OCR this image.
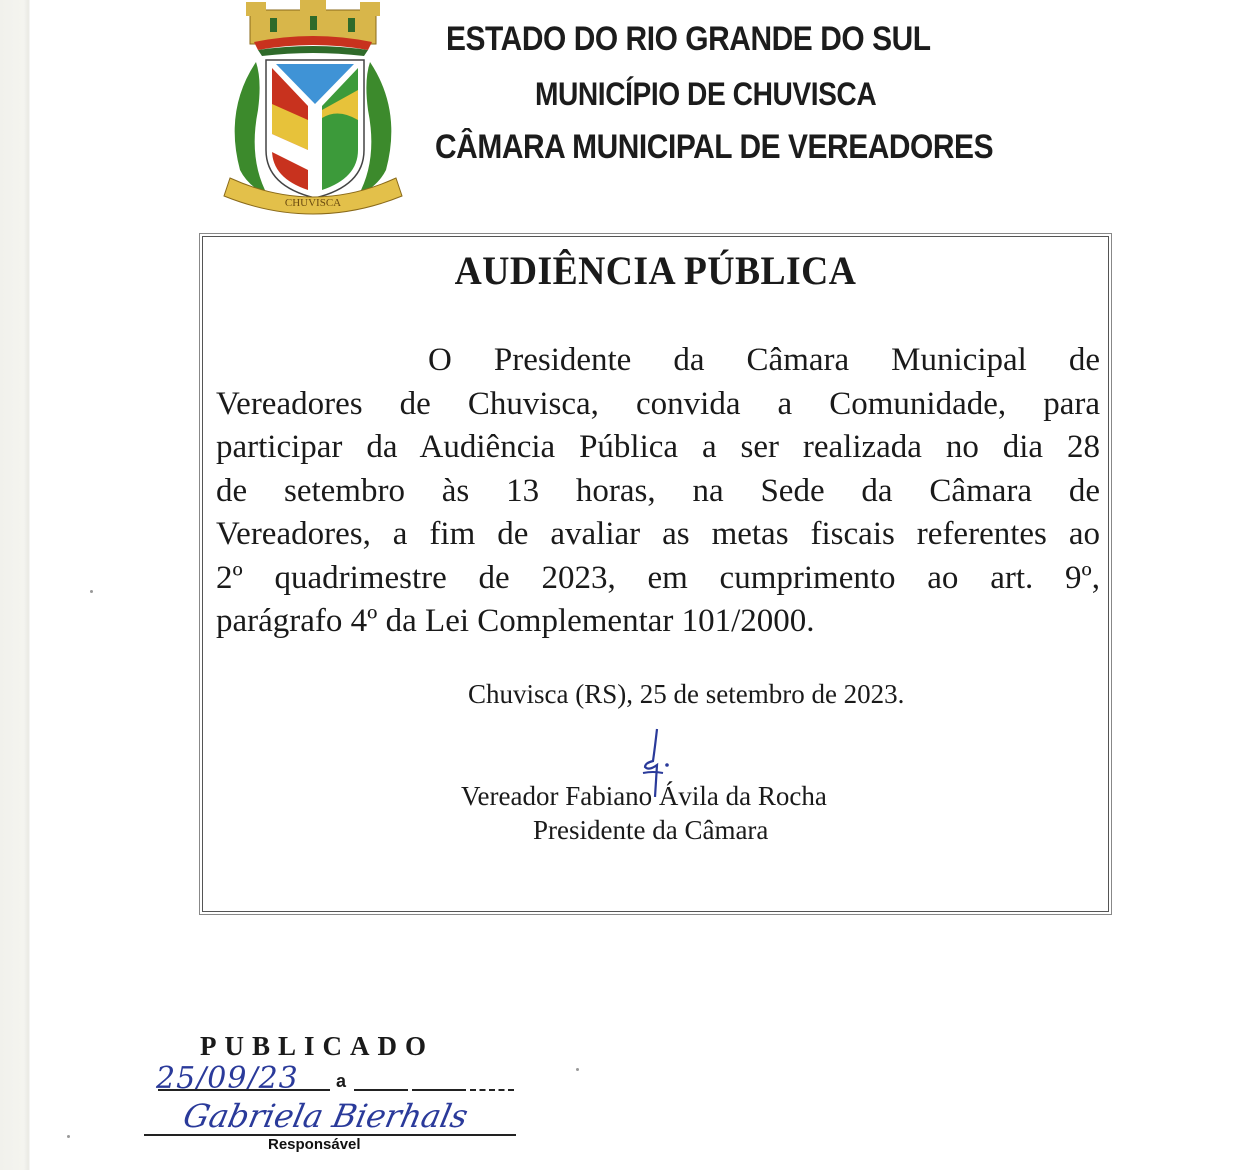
CHUVISCA
ESTADO DO RIO GRANDE DO SUL
MUNICÍPIO DE CHUVISCA
CÂMARA MUNICIPAL DE VEREADORES
AUDIÊNCIA PÚBLICA
O Presidente da Câmara Municipal de
Vereadores de Chuvisca, convida a Comunidade, para
participar da Audiência Pública a ser realizada no dia 28
de setembro às 13 horas, na Sede da Câmara de
Vereadores, a fim de avaliar as metas fiscais referentes ao
2º quadrimestre de 2023, em cumprimento ao art. 9º,
parágrafo 4º da Lei Complementar 101/2000.
Chuvisca (RS), 25 de setembro de 2023.
Vereador Fabiano Ávila da Rocha
Presidente da Câmara
PUBLICADO
25/09/23 a
Gabriela Bierhals
Responsável
